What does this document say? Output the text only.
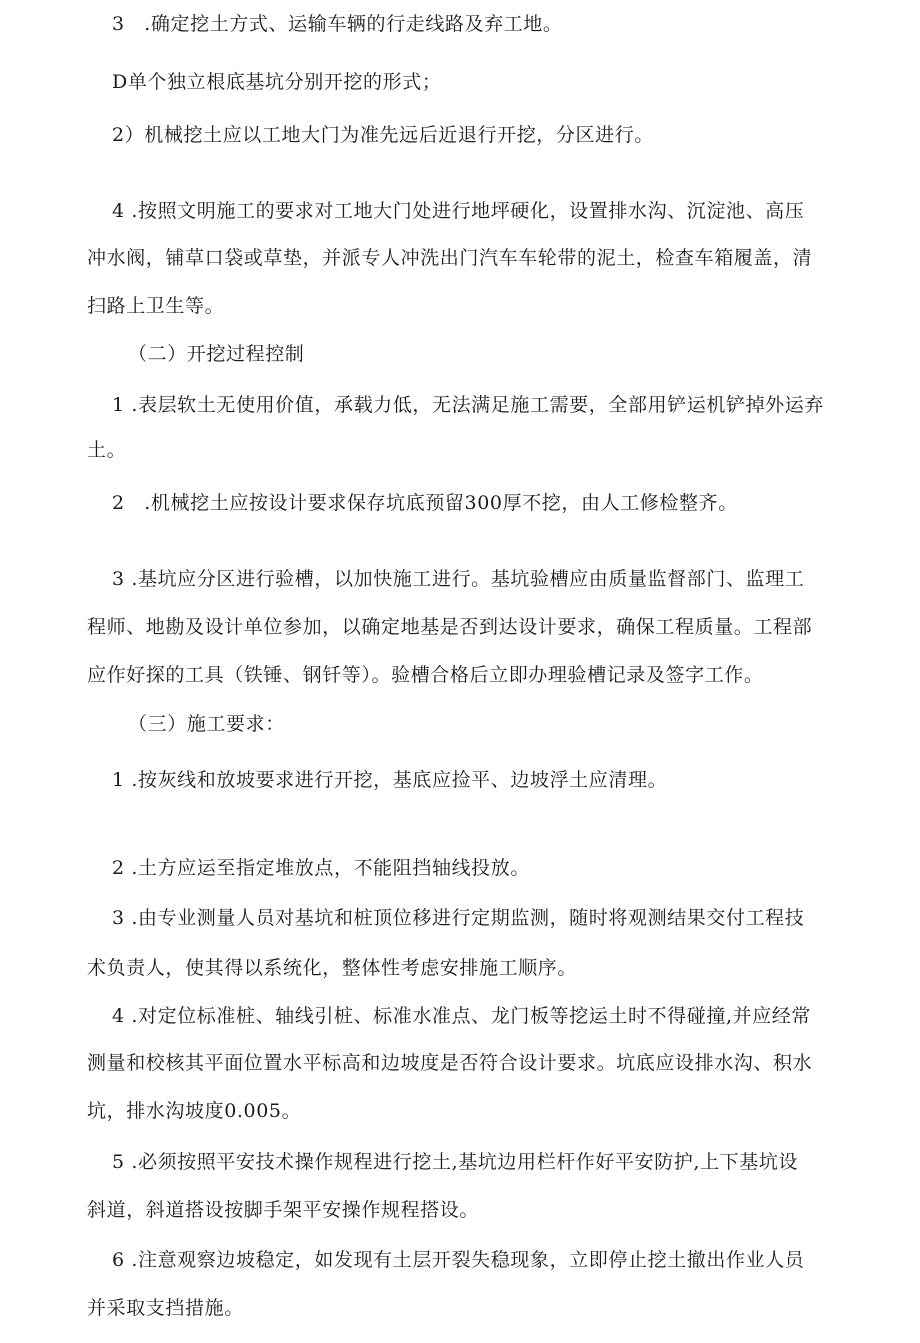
3　.确定挖土方式、运输车辆的行走线路及弃工地。
D单个独立根底基坑分别开挖的形式；
2）机械挖土应以工地大门为准先远后近退行开挖，分区进行。
4 .按照文明施工的要求对工地大门处进行地坪硬化，设置排水沟、沉淀池、高压
冲水阀，铺草口袋或草垫，并派专人冲洗出门汽车车轮带的泥土，检查车箱履盖，清
扫路上卫生等。
（二）开挖过程控制
1 .表层软土无使用价值，承载力低，无法满足施工需要，全部用铲运机铲掉外运弃
土。
2　.机械挖土应按设计要求保存坑底预留300厚不挖，由人工修检整齐。
3 .基坑应分区进行验槽，以加快施工进行。基坑验槽应由质量监督部门、监理工
程师、地勘及设计单位参加，以确定地基是否到达设计要求，确保工程质量。工程部
应作好探的工具（铁锤、钢钎等）。验槽合格后立即办理验槽记录及签字工作。
（三）施工要求：
1 .按灰线和放坡要求进行开挖，基底应捡平、边坡浮土应清理。
2 .土方应运至指定堆放点，不能阻挡轴线投放。
3 .由专业测量人员对基坑和桩顶位移进行定期监测，随时将观测结果交付工程技
术负责人，使其得以系统化，整体性考虑安排施工顺序。
4 .对定位标准桩、轴线引桩、标准水准点、龙门板等挖运土时不得碰撞,并应经常
测量和校核其平面位置水平标高和边坡度是否符合设计要求。坑底应设排水沟、积水
坑，排水沟坡度0.005。
5 .必须按照平安技术操作规程进行挖土,基坑边用栏杆作好平安防护,上下基坑设
斜道，斜道搭设按脚手架平安操作规程搭设。
6 .注意观察边坡稳定，如发现有土层开裂失稳现象，立即停止挖土撤出作业人员
并采取支挡措施。
